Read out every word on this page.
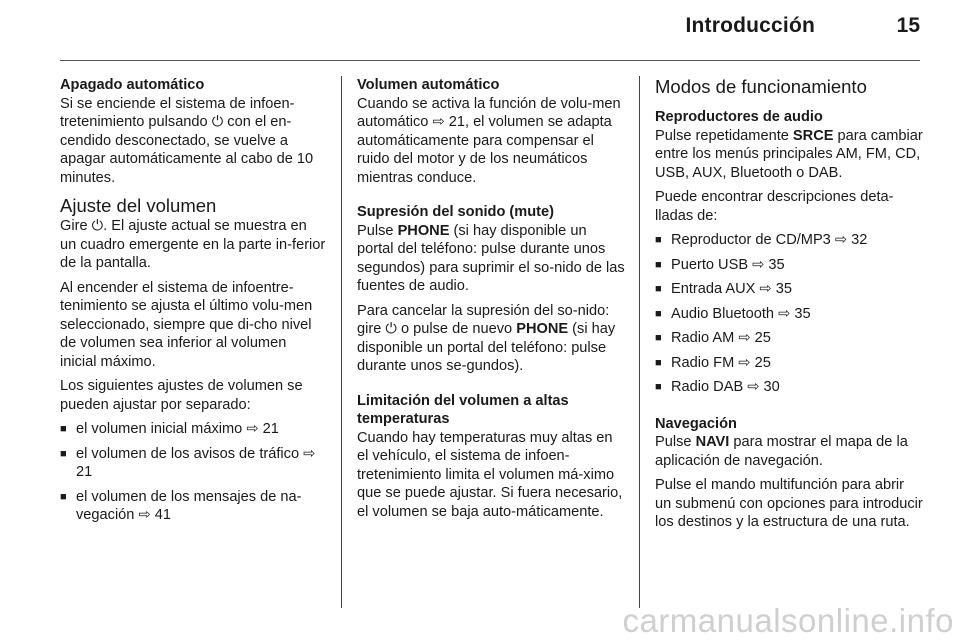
Introducción	15
Apagado automático

Si se enciende el sistema de infoen-tretenimiento pulsando ⏻ con el en-cendido desconectado, se vuelve a apagar automáticamente al cabo de 10 minutes.

Ajuste del volumen

Gire ⏻. El ajuste actual se muestra en un cuadro emergente en la parte in-ferior de la pantalla.

Al encender el sistema de infoentre-tenimiento se ajusta el último volu-men seleccionado, siempre que di-cho nivel de volumen sea inferior al volumen inicial máximo.

Los siguientes ajustes de volumen se pueden ajustar por separado:

■ el volumen inicial máximo ⇨ 21
■ el volumen de los avisos de tráfico ⇨ 21
■ el volumen de los mensajes de na-vegación ⇨ 41
Volumen automático

Cuando se activa la función de volu-men automático ⇨ 21, el volumen se adapta automáticamente para compensar el ruido del motor y de los neumáticos mientras conduce.

Supresión del sonido (mute)

Pulse PHONE (si hay disponible un portal del teléfono: pulse durante unos segundos) para suprimir el so-nido de las fuentes de audio.

Para cancelar la supresión del so-nido: gire ⏻ o pulse de nuevo PHONE (si hay disponible un portal del teléfono: pulse durante unos se-gundos).

Limitación del volumen a altas temperaturas

Cuando hay temperaturas muy altas en el vehículo, el sistema de infoen-tretenimiento limita el volumen má-ximo que se puede ajustar. Si fuera necesario, el volumen se baja auto-máticamente.

Modos de funcionamiento
Reproductores de audio

Pulse repetidamente SRCE para cambiar entre los menús principales AM, FM, CD, USB, AUX, Bluetooth o DAB.

Puede encontrar descripciones deta-lladas de:

■ Reproductor de CD/MP3 ⇨ 32
■ Puerto USB ⇨ 35
■ Entrada AUX ⇨ 35
■ Audio Bluetooth ⇨ 35
■ Radio AM ⇨ 25
■ Radio FM ⇨ 25
■ Radio DAB ⇨ 30
Navegación

Pulse NAVI para mostrar el mapa de la aplicación de navegación.

Pulse el mando multifunción para abrir un submenú con opciones para introducir los destinos y la estructura de una ruta.

carmanualsonline.info
